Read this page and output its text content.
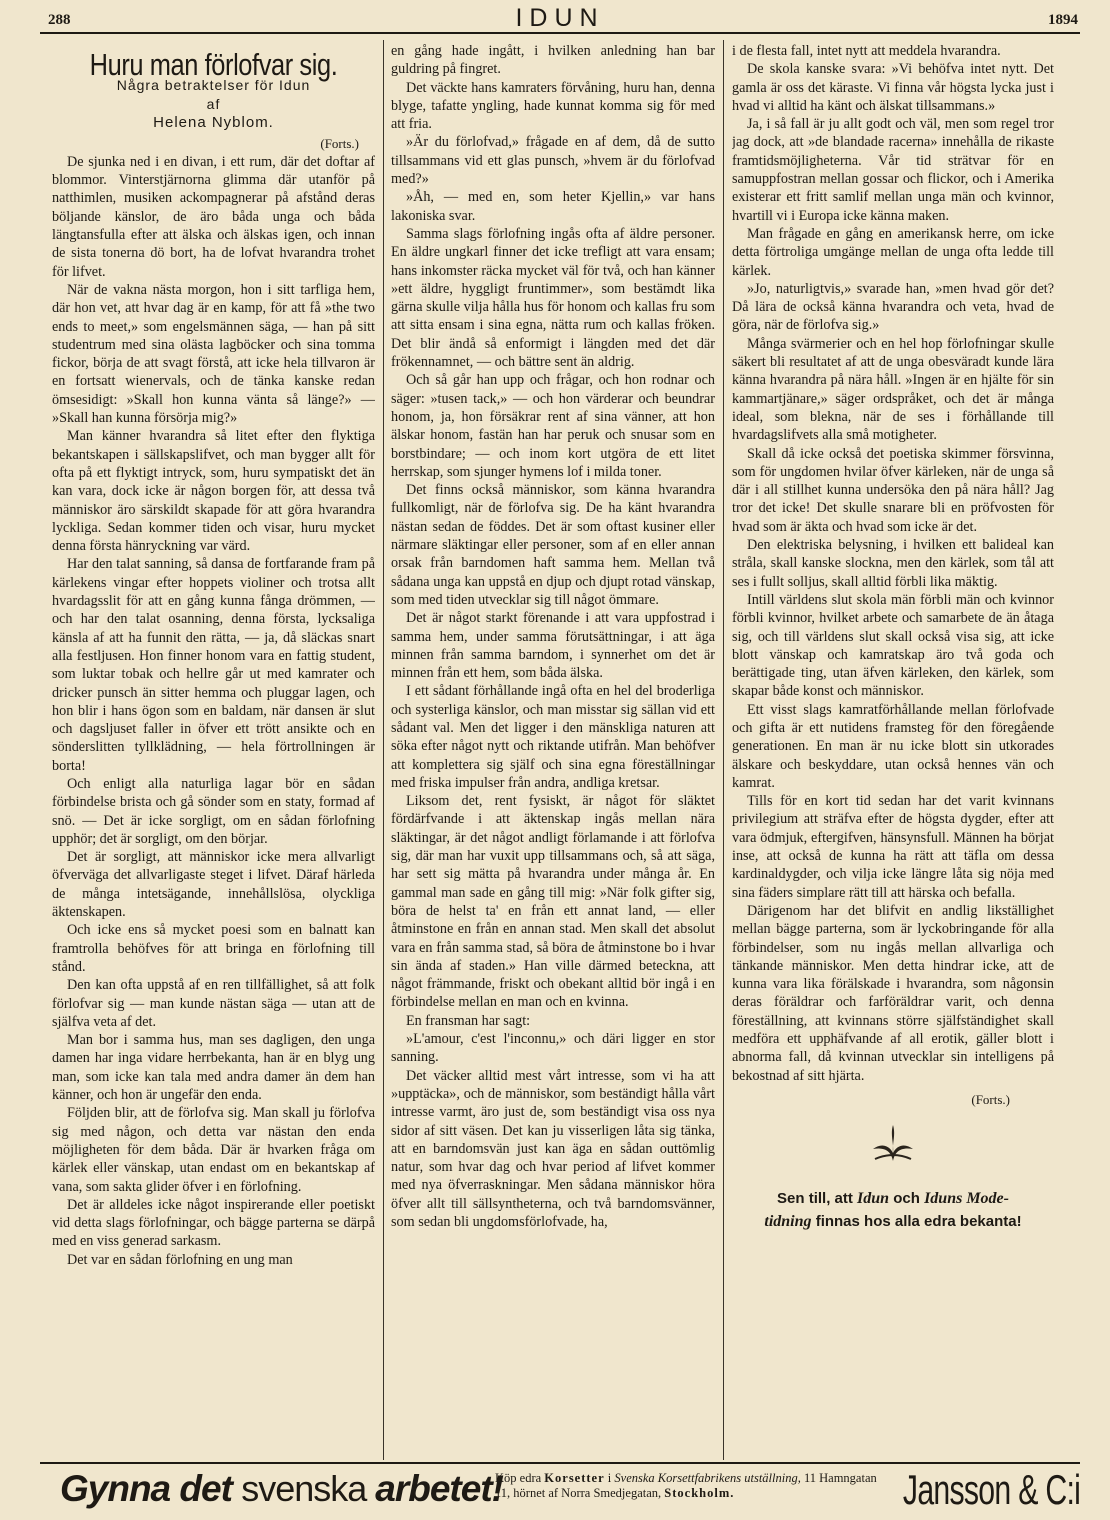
288	IDUN	1894
Huru man förlofvar sig.
Några betraktelser för Idun
af
Helena Nyblom.
(Forts.)

De sjunka ned i en divan, i ett rum, där det doftar af blommor. Vinterstjärnorna glimma där utanför på natthimlen, musiken ackompagnerar på afstånd deras böljande känslor, de äro båda unga och båda längtansfulla efter att älska och älskas igen, och innan de sista tonerna dö bort, ha de lofvat hvarandra trohet för lifvet.

När de vakna nästa morgon, hon i sitt tarfliga hem, där hon vet, att hvar dag är en kamp, för att få »the two ends to meet,» som engelsmännen säga, — han på sitt studentrum med sina olästa lagböcker och sina tomma fickor, börja de att svagt förstå, att icke hela tillvaron är en fortsatt wienervals, och de tänka kanske redan ömsesidigt: »Skall hon kunna vänta så länge?» — »Skall han kunna försörja mig?»

Man känner hvarandra så litet efter den flyktiga bekantskapen i sällskapslifvet, och man bygger allt för ofta på ett flyktigt intryck, som, huru sympatiskt det än kan vara, dock icke är någon borgen för, att dessa två människor äro särskildt skapade för att göra hvarandra lyckliga. Sedan kommer tiden och visar, huru mycket denna första hänryckning var värd.

Har den talat sanning, så dansa de fortfarande fram på kärlekens vingar efter hoppets violiner och trotsa allt hvardagsslit för att en gång kunna fånga drömmen, — och har den talat osanning, denna första, lycksaliga känsla af att ha funnit den rätta, — ja, då släckas snart alla festljusen. Hon finner honom vara en fattig student, som luktar tobak och hellre går ut med kamrater och dricker punsch än sitter hemma och pluggar lagen, och hon blir i hans ögon som en baldam, när dansen är slut och dagsljuset faller in öfver ett trött ansikte och en sönderslitten tyllklädning, — hela förtrollningen är borta!

Och enligt alla naturliga lagar bör en sådan förbindelse brista och gå sönder som en staty, formad af snö. — Det är icke sorgligt, om en sådan förlofning upphör; det är sorgligt, om den börjar.

Det är sorgligt, att människor icke mera allvarligt öfverväga det allvarligaste steget i lifvet. Däraf härleda de många intetsägande, innehållslösa, olyckliga äktenskapen.

Och icke ens så mycket poesi som en balnatt kan framtrolla behöfves för att bringa en förlofning till stånd.

Den kan ofta uppstå af en ren tillfällighet, så att folk förlofvar sig — man kunde nästan säga — utan att de själfva veta af det.

Man bor i samma hus, man ses dagligen, den unga damen har inga vidare herrbekanta, han är en blyg ung man, som icke kan tala med andra damer än dem han känner, och hon är ungefär den enda.

Följden blir, att de förlofva sig. Man skall ju förlofva sig med någon, och detta var nästan den enda möjligheten för dem båda. Där är hvarken fråga om kärlek eller vänskap, utan endast om en bekantskap af vana, som sakta glider öfver i en förlofning.

Det är alldeles icke något inspirerande eller poetiskt vid detta slags förlofningar, och bägge parterna se därpå med en viss generad sarkasm.

Det var en sådan förlofning en ung man

en gång hade ingått, i hvilken anledning han bar guldring på fingret.

Det väckte hans kamraters förvåning, huru han, denna blyge, tafatte yngling, hade kunnat komma sig för med att fria.

»Är du förlofvad,» frågade en af dem, då de sutto tillsammans vid ett glas punsch, »hvem är du förlofvad med?»

»Åh, — med en, som heter Kjellin,» var hans lakoniska svar.

Samma slags förlofning ingås ofta af äldre personer. En äldre ungkarl finner det icke trefligt att vara ensam; hans inkomster räcka mycket väl för två, och han känner »ett äldre, hyggligt fruntimmer», som bestämdt lika gärna skulle vilja hålla hus för honom och kallas fru som att sitta ensam i sina egna, nätta rum och kallas fröken. Det blir ändå så enformigt i längden med det där frökennamnet, — och bättre sent än aldrig.

Och så går han upp och frågar, och hon rodnar och säger: »tusen tack,» — och hon värderar och beundrar honom, ja, hon försäkrar rent af sina vänner, att hon älskar honom, fastän han har peruk och snusar som en borstbindare; — och inom kort utgöra de ett litet herrskap, som sjunger hymens lof i milda toner.

Det finns också människor, som känna hvarandra fullkomligt, när de förlofva sig. De ha känt hvarandra nästan sedan de föddes. Det är som oftast kusiner eller närmare släktingar eller personer, som af en eller annan orsak från barndomen haft samma hem. Mellan två sådana unga kan uppstå en djup och djupt rotad vänskap, som med tiden utvecklar sig till något ömmare.

Det är något starkt förenande i att vara uppfostrad i samma hem, under samma förutsättningar, i att äga minnen från samma barndom, i synnerhet om det är minnen från ett hem, som båda älska.

I ett sådant förhållande ingå ofta en hel del broderliga och systerliga känslor, och man misstar sig sällan vid ett sådant val. Men det ligger i den mänskliga naturen att söka efter något nytt och riktande utifrån. Man behöfver att komplettera sig själf och sina egna föreställningar med friska impulser från andra, andliga kretsar.

Liksom det, rent fysiskt, är något för släktet fördärfvande i att äktenskap ingås mellan nära släktingar, är det något andligt förlamande i att förlofva sig, där man har vuxit upp tillsammans och, så att säga, har sett sig mätta på hvarandra under många år. En gammal man sade en gång till mig: »När folk gifter sig, böra de helst ta' en från ett annat land, — eller åtminstone en från en annan stad. Men skall det absolut vara en från samma stad, så böra de åtminstone bo i hvar sin ända af staden.» Han ville därmed beteckna, att något främmande, friskt och obekant alltid bör ingå i en förbindelse mellan en man och en kvinna.

En fransman har sagt:

»L'amour, c'est l'inconnu,» och däri ligger en stor sanning.

Det väcker alltid mest vårt intresse, som vi ha att »upptäcka», och de människor, som beständigt hålla vårt intresse varmt, äro just de, som beständigt visa oss nya sidor af sitt väsen. Det kan ju visserligen låta sig tänka, att en barndomsvän just kan äga en sådan outtömlig natur, som hvar dag och hvar period af lifvet kommer med nya öfverraskningar. Men sådana människor höra öfver allt till sällsyntheterna, och två barndomsvänner, som sedan bli ungdomsförlofvade, ha,

i de flesta fall, intet nytt att meddela hvarandra.

De skola kanske svara: »Vi behöfva intet nytt. Det gamla är oss det käraste. Vi finna vår högsta lycka just i hvad vi alltid ha känt och älskat tillsammans.»

Ja, i så fall är ju allt godt och väl, men som regel tror jag dock, att »de blandade racerna» innehålla de rikaste framtidsmöjligheterna. Vår tid strätvar för en samuppfostran mellan gossar och flickor, och i Amerika existerar ett fritt samlif mellan unga män och kvinnor, hvartill vi i Europa icke känna maken.

Man frågade en gång en amerikansk herre, om icke detta förtroliga umgänge mellan de unga ofta ledde till kärlek.

»Jo, naturligtvis,» svarade han, »men hvad gör det? Då lära de också känna hvarandra och veta, hvad de göra, när de förlofva sig.»

Många svärmerier och en hel hop förlofningar skulle säkert bli resultatet af att de unga obesväradt kunde lära känna hvarandra på nära håll. »Ingen är en hjälte för sin kammartjänare,» säger ordspråket, och det är många ideal, som blekna, när de ses i förhållande till hvardagslifvets alla små motigheter.

Skall då icke också det poetiska skimmer försvinna, som för ungdomen hvilar öfver kärleken, när de unga så där i all stillhet kunna undersöka den på nära håll? Jag tror det icke! Det skulle snarare bli en pröfvosten för hvad som är äkta och hvad som icke är det.

Den elektriska belysning, i hvilken ett balideal kan stråla, skall kanske slockna, men den kärlek, som tål att ses i fullt solljus, skall alltid förbli lika mäktig.

Intill världens slut skola män förbli män och kvinnor förbli kvinnor, hvilket arbete och samarbete de än åtaga sig, och till världens slut skall också visa sig, att icke blott vänskap och kamratskap äro två goda och berättigade ting, utan äfven kärleken, den kärlek, som skapar både konst och människor.

Ett visst slags kamratförhållande mellan förlofvade och gifta är ett nutidens framsteg för den föregående generationen. En man är nu icke blott sin utkorades älskare och beskyddare, utan också hennes vän och kamrat.

Tills för en kort tid sedan har det varit kvinnans privilegium att sträfva efter de högsta dygder, efter att vara ödmjuk, eftergifven, hänsynsfull. Männen ha börjat inse, att också de kunna ha rätt att täfla om dessa kardinaldygder, och vilja icke längre låta sig nöja med sina fäders simplare rätt till att härska och befalla.

Därigenom har det blifvit en andlig likställighet mellan bägge parterna, som är lyckobringande för alla förbindelser, som nu ingås mellan allvarliga och tänkande människor. Men detta hindrar icke, att de kunna vara lika förälskade i hvarandra, som någonsin deras föräldrar och farföräldrar varit, och denna föreställning, att kvinnans större själfständighet skall medföra ett upphäfvande af all erotik, gäller blott i abnorma fall, då kvinnan utvecklar sin intelligens på bekostnad af sitt hjärta.

(Forts.)
Sen till, att Idun och Iduns Mode-
tidning finnas hos alla edra bekanta!
Gynna det svenska arbetet!
Köp edra Korsetter i Svenska Korsettfabrikens utställning, 11 Hamngatan 11, hörnet af Norra Smedjegatan, Stockholm.	Jansson & C:i
